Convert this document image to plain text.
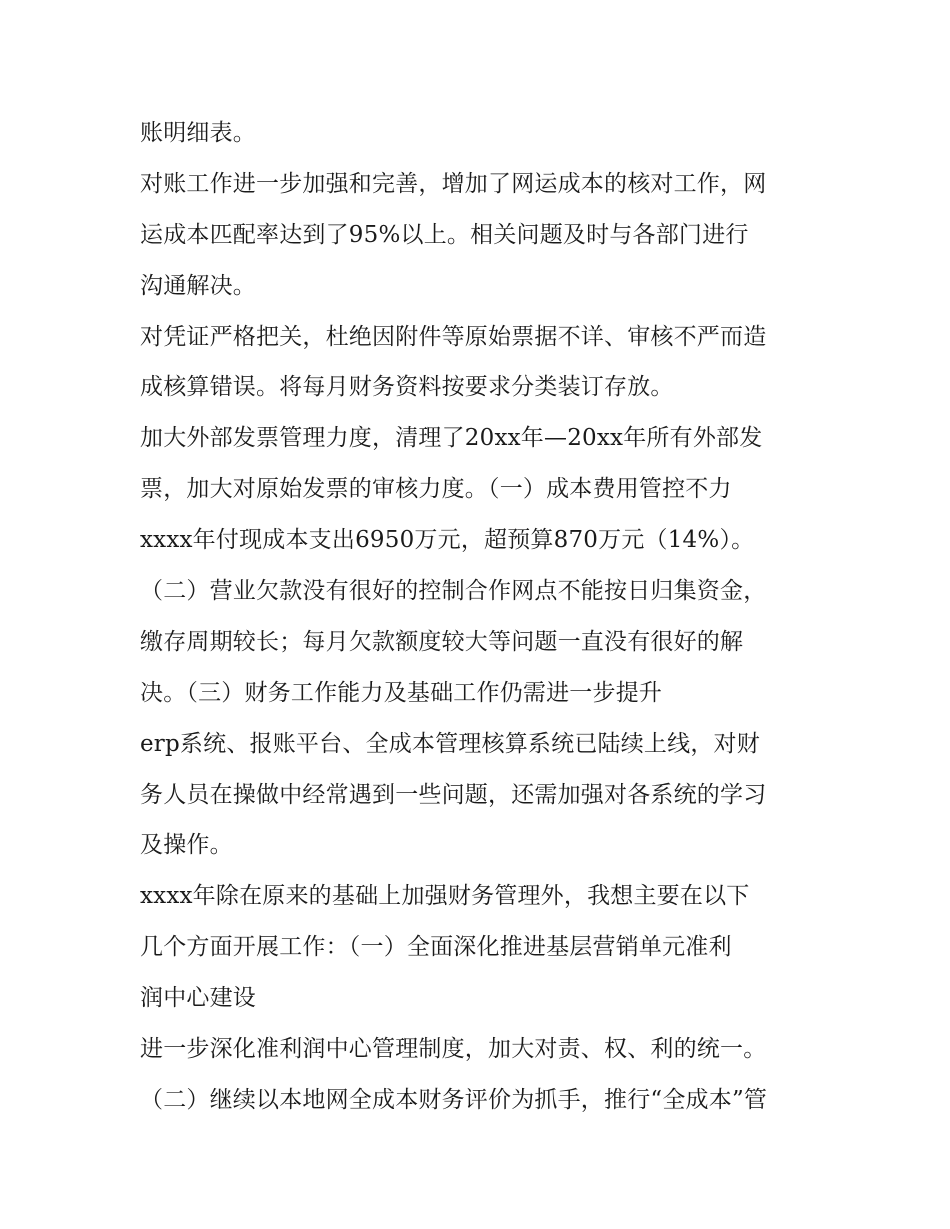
账明细表。
对账工作进一步加强和完善，增加了网运成本的核对工作，网
运成本匹配率达到了95%以上。相关问题及时与各部门进行
沟通解决。
对凭证严格把关，杜绝因附件等原始票据不详、审核不严而造
成核算错误。将每月财务资料按要求分类装订存放。
加大外部发票管理力度，清理了20xx年—20xx年所有外部发
票，加大对原始发票的审核力度。（一）成本费用管控不力
xxxx年付现成本支出6950万元，超预算870万元（14%）。
（二）营业欠款没有很好的控制合作网点不能按日归集资金，
缴存周期较长；每月欠款额度较大等问题一直没有很好的解
决。（三）财务工作能力及基础工作仍需进一步提升
erp系统、报账平台、全成本管理核算系统已陆续上线，对财
务人员在操做中经常遇到一些问题，还需加强对各系统的学习
及操作。
xxxx年除在原来的基础上加强财务管理外，我想主要在以下
几个方面开展工作：（一）全面深化推进基层营销单元准利
润中心建设
进一步深化准利润中心管理制度，加大对责、权、利的统一。
（二）继续以本地网全成本财务评价为抓手，推行“全成本”管
